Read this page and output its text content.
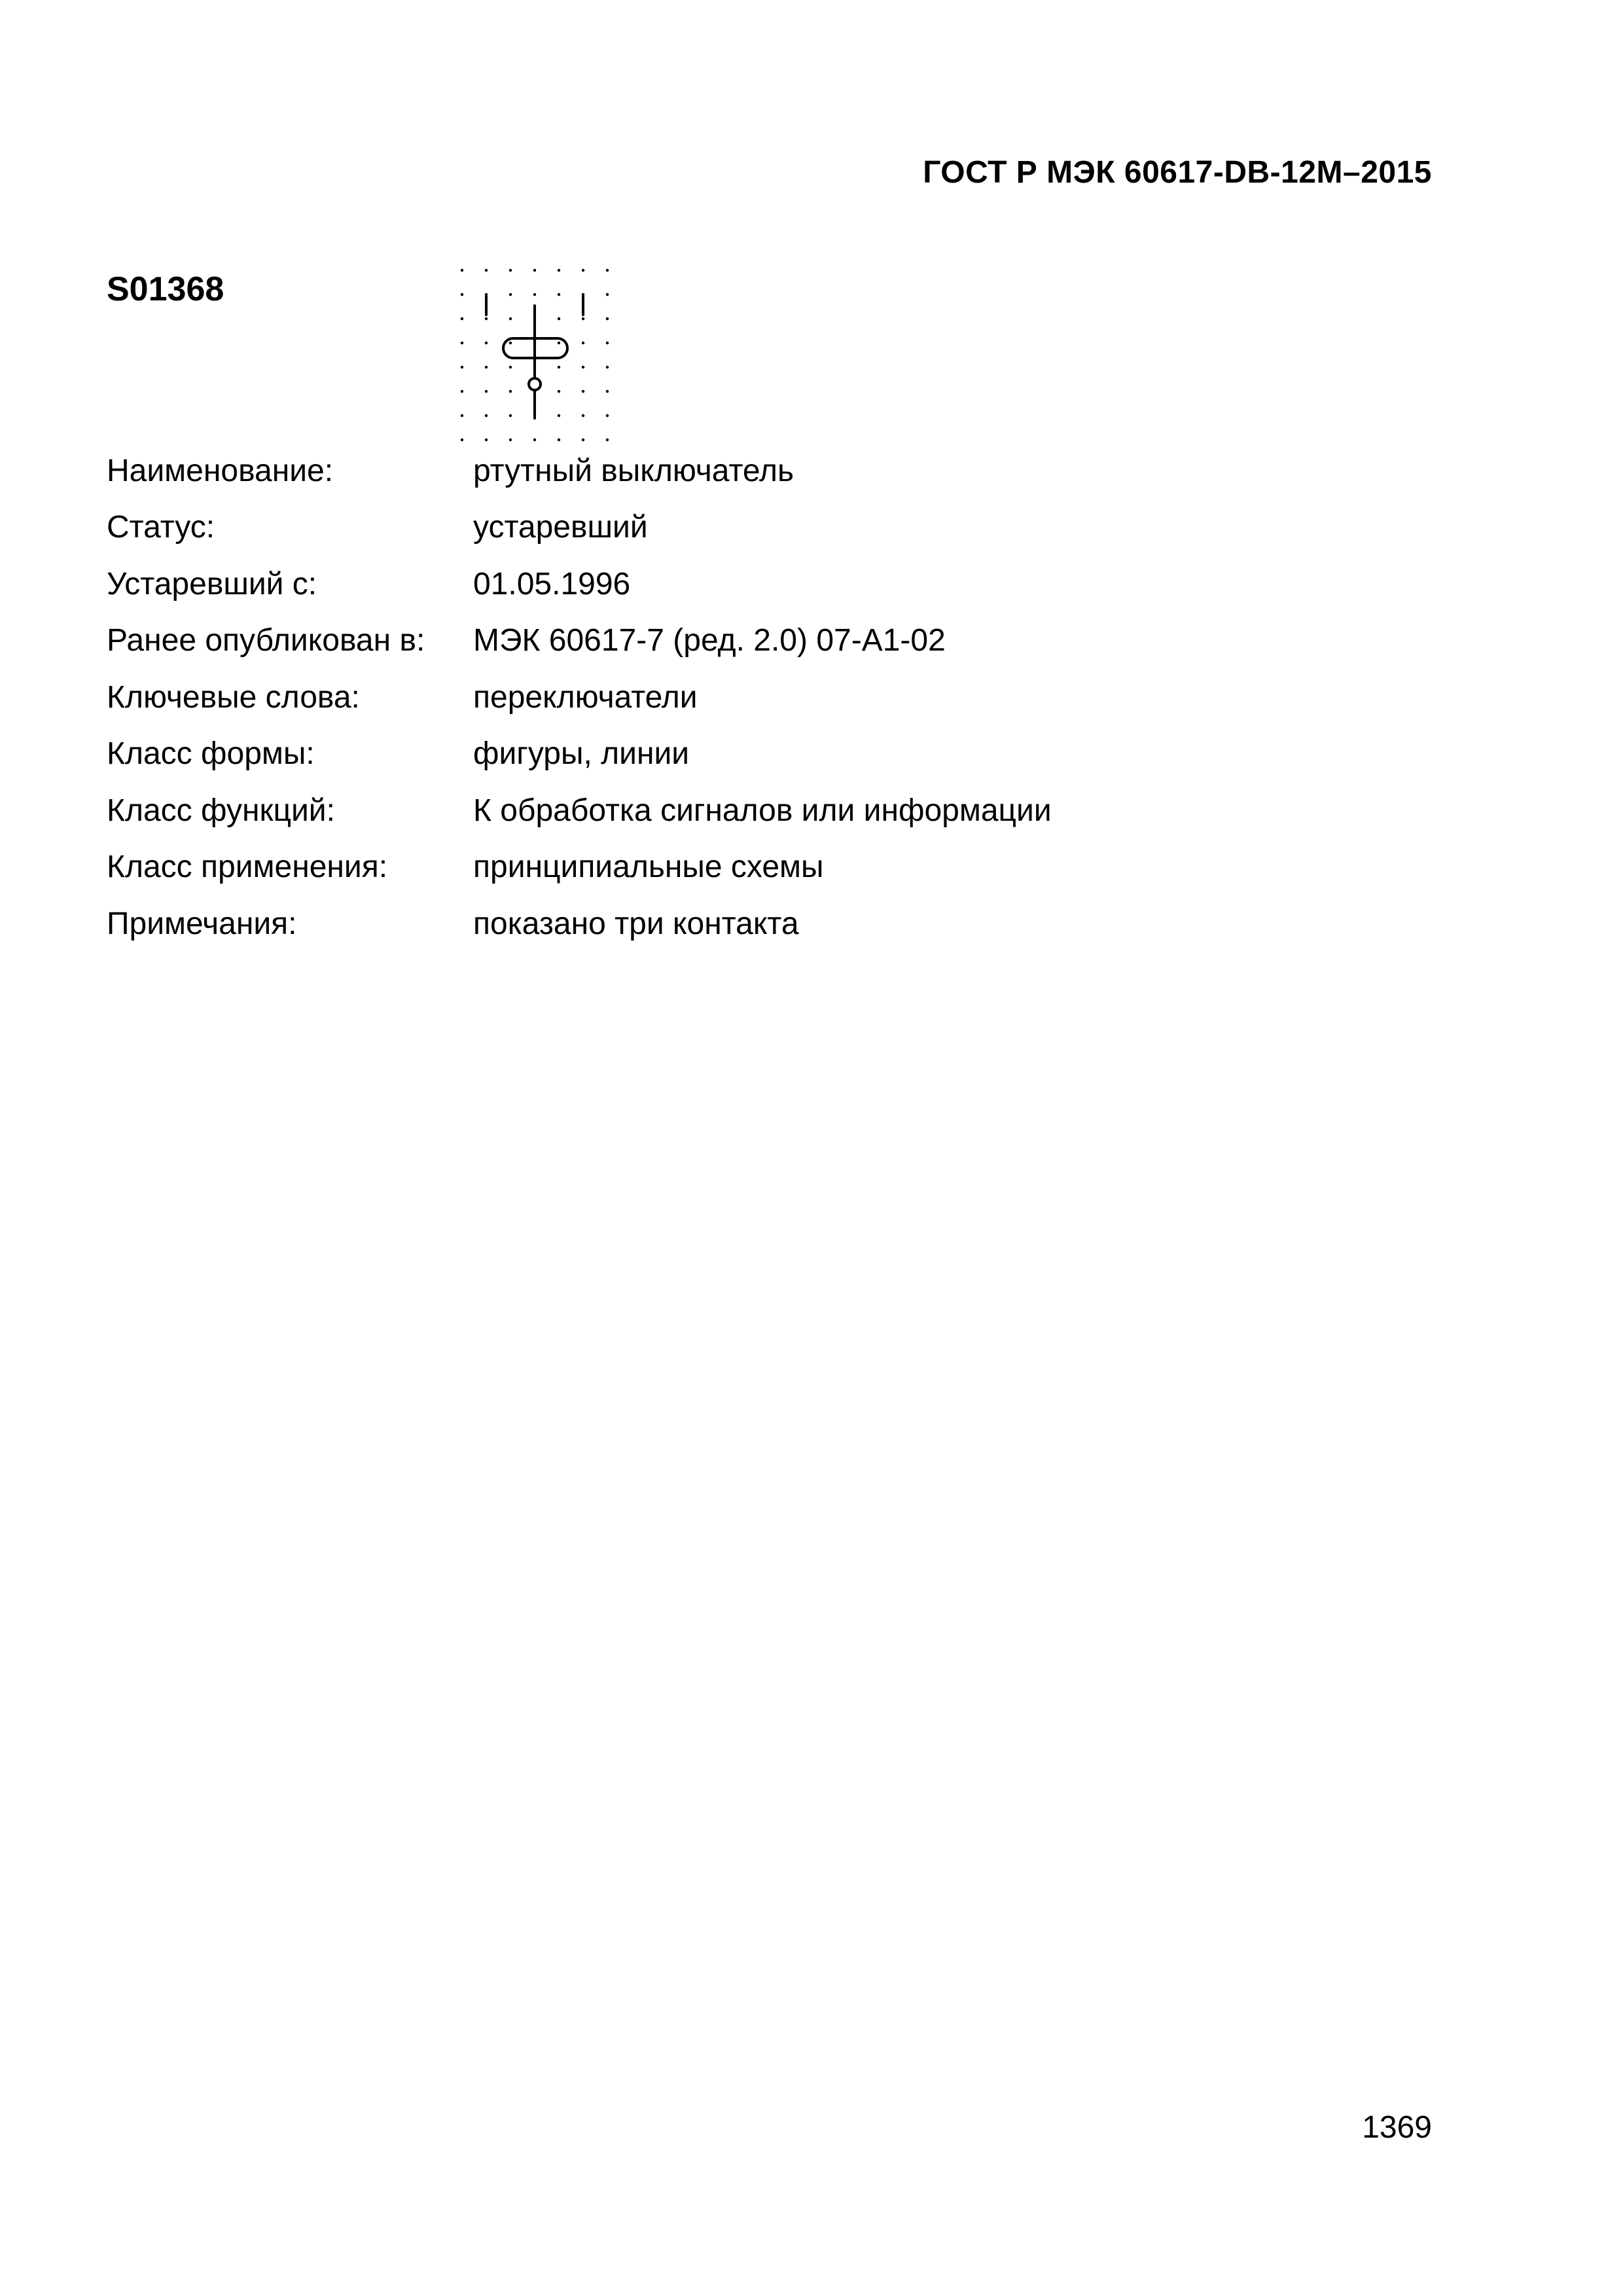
ГОСТ Р МЭК 60617-DB-12M–2015
S01368
Наименование:	ртутный выключатель
Статус:	устаревший
Устаревший с:	01.05.1996
Ранее опубликован в:	МЭК 60617-7 (ред. 2.0) 07-A1-02
Ключевые слова:	переключатели
Класс формы:	фигуры, линии
Класс функций:	К обработка сигналов или информации
Класс применения:	принципиальные схемы
Примечания:	показано три контакта
1369
